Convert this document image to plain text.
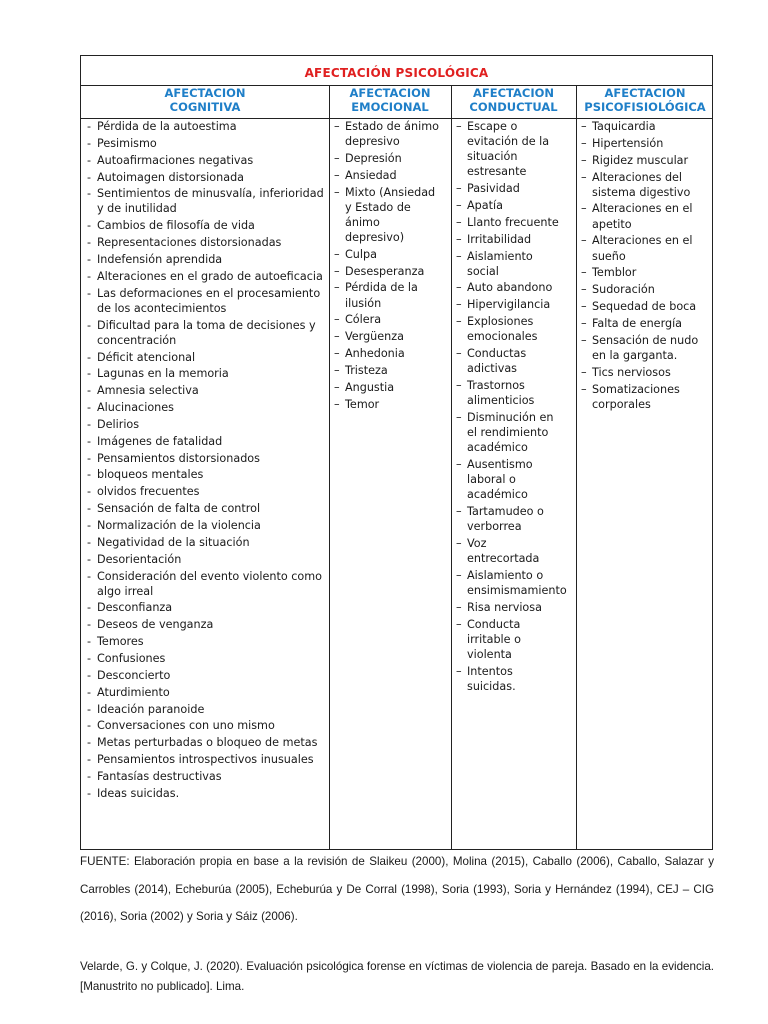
AFECTACIÓN PSICOLÓGICA
AFECTACION
COGNITIVA
AFECTACION
EMOCIONAL
AFECTACION
CONDUCTUAL
AFECTACION
PSICOFISIOLÓGICA
- Pérdida de la autoestima
- Pesimismo
- Autoafirmaciones negativas
- Autoimagen distorsionada
- Sentimientos de minusvalía, inferioridad y de inutilidad
- Cambios de filosofía de vida
- Representaciones distorsionadas
- Indefensión aprendida
- Alteraciones en el grado de autoeficacia
- Las deformaciones en el procesamiento de los acontecimientos
- Dificultad para la toma de decisiones y concentración
- Déficit atencional
- Lagunas en la memoria
- Amnesia selectiva
- Alucinaciones
- Delirios
- Imágenes de fatalidad
- Pensamientos distorsionados
- bloqueos mentales
- olvidos frecuentes
- Sensación de falta de control
- Normalización de la violencia
- Negatividad de la situación
- Desorientación
- Consideración del evento violento como algo irreal
- Desconfianza
- Deseos de venganza
- Temores
- Confusiones
- Desconcierto
- Aturdimiento
- Ideación paranoide
- Conversaciones con uno mismo
- Metas perturbadas o bloqueo de metas
- Pensamientos introspectivos inusuales
- Fantasías destructivas
- Ideas suicidas.
– Estado de ánimo depresivo
– Depresión
– Ansiedad
– Mixto (Ansiedad y Estado de ánimo depresivo)
– Culpa
– Desesperanza
– Pérdida de la ilusión
– Cólera
– Vergüenza
– Anhedonia
– Tristeza
– Angustia
– Temor
– Escape o evitación de la situación estresante
– Pasividad
– Apatía
– Llanto frecuente
– Irritabilidad
– Aislamiento social
– Auto abandono
– Hipervigilancia
– Explosiones emocionales
– Conductas adictivas
– Trastornos alimenticios
– Disminución en el rendimiento académico
– Ausentismo laboral o académico
– Tartamudeo o verborrea
– Voz entrecortada
– Aislamiento o ensimismamiento
– Risa nerviosa
– Conducta irritable o violenta
– Intentos suicidas.
– Taquicardia
– Hipertensión
– Rigidez muscular
– Alteraciones del sistema digestivo
– Alteraciones en el apetito
– Alteraciones en el sueño
– Temblor
– Sudoración
– Sequedad de boca
– Falta de energía
– Sensación de nudo en la garganta.
– Tics nerviosos
– Somatizaciones corporales
FUENTE: Elaboración propia en base a la revisión de Slaikeu (2000), Molina (2015), Caballo (2006), Caballo, Salazar y Carrobles (2014), Echeburúa (2005), Echeburúa y De Corral (1998), Soria (1993), Soria y Hernández (1994), CEJ – CIG (2016), Soria (2002) y Soria y Sáiz (2006).
Velarde, G. y Colque, J. (2020). Evaluación psicológica forense en víctimas de violencia de pareja. Basado en la evidencia. [Manustrito no publicado]. Lima.
